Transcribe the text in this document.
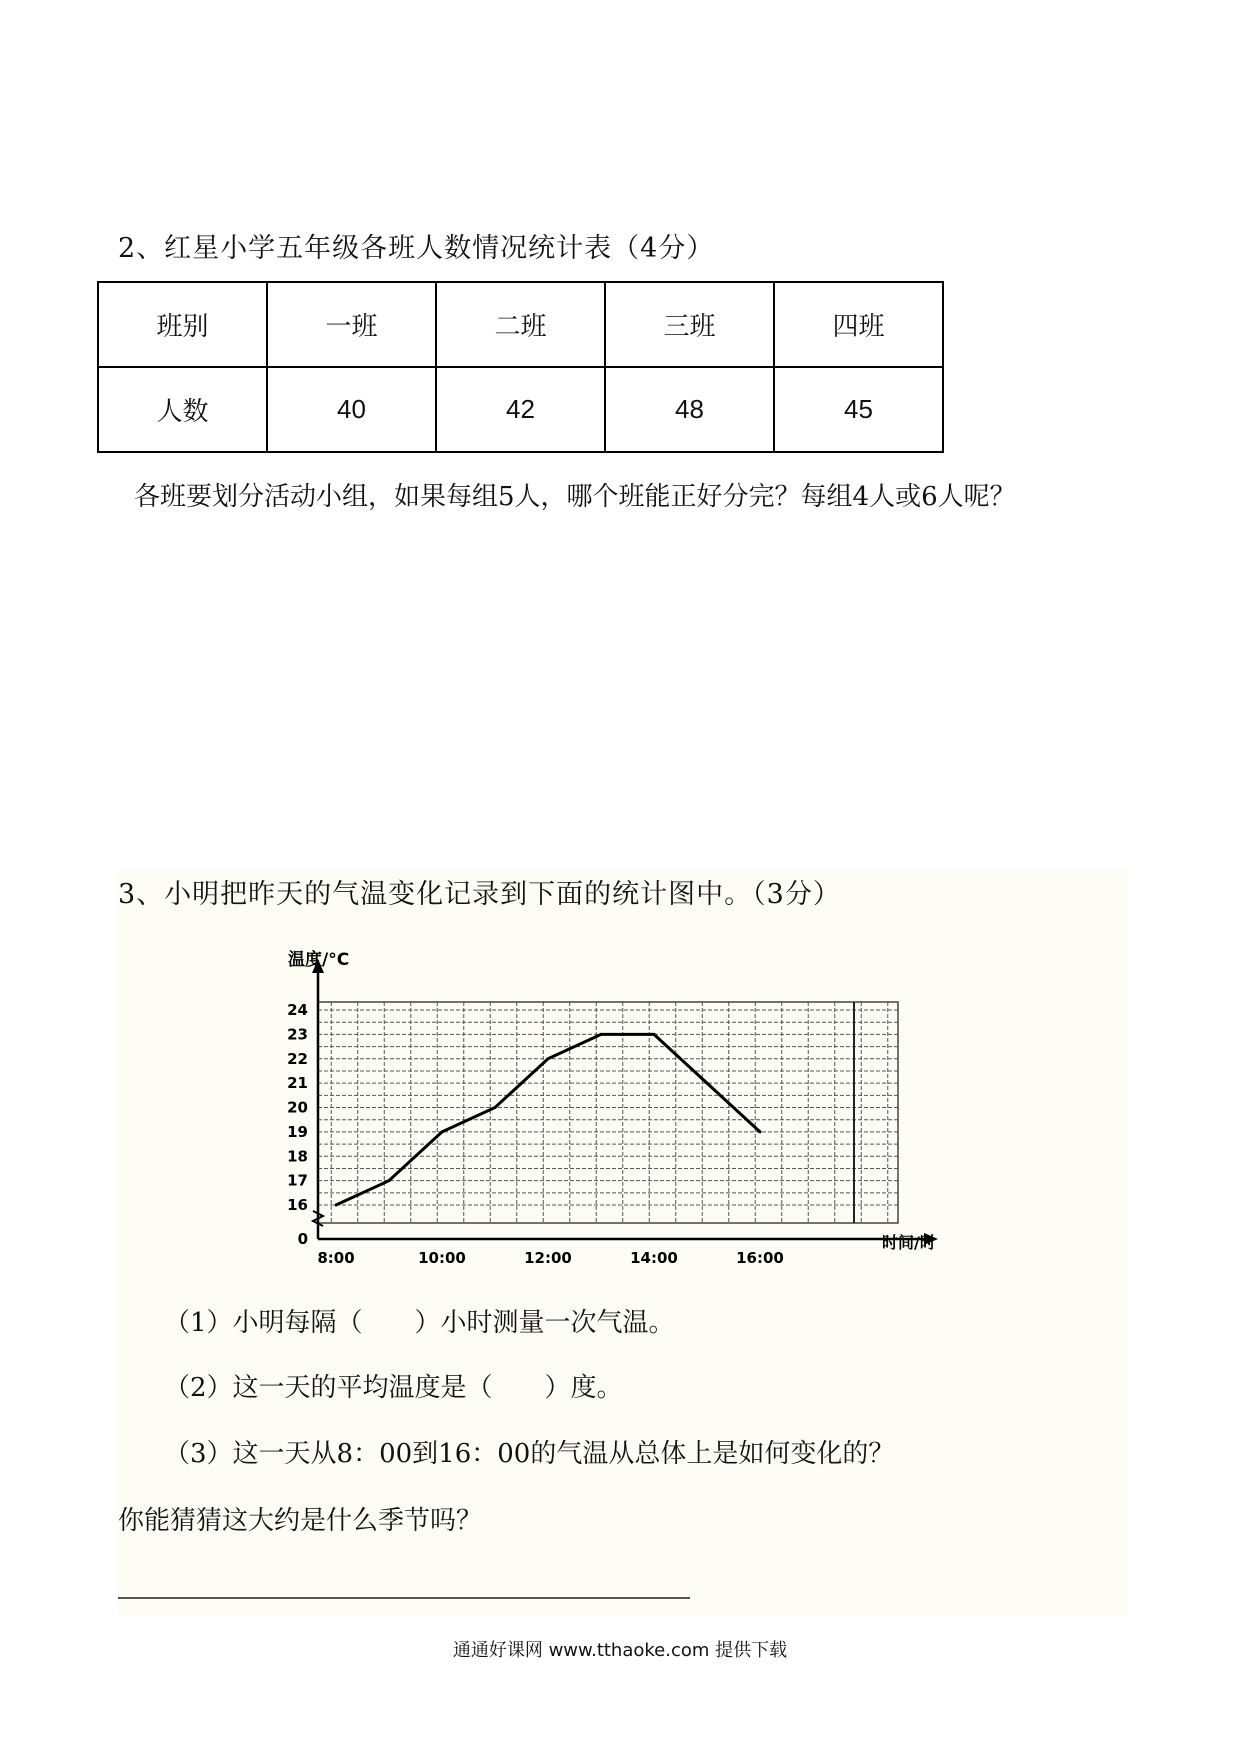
2、红星小学五年级各班人数情况统计表（4分）
班别	一班	二班	三班	四班
人数	40	42	48	45
各班要划分活动小组，如果每组5人，哪个班能正好分完？每组4人或6人呢？
3、小明把昨天的气温变化记录到下面的统计图中。（3分）
0
16
17
18
19
20
21
22
23
24
8:00	10:00	12:00	14:00	16:00
温度/°C
时间/时
（1）小明每隔（　　）小时测量一次气温。
（2）这一天的平均温度是（　　）度。
（3）这一天从8：00到16：00的气温从总体上是如何变化的？
你能猜猜这大约是什么季节吗？
通通好课网 www.tthaoke.com 提供下载
